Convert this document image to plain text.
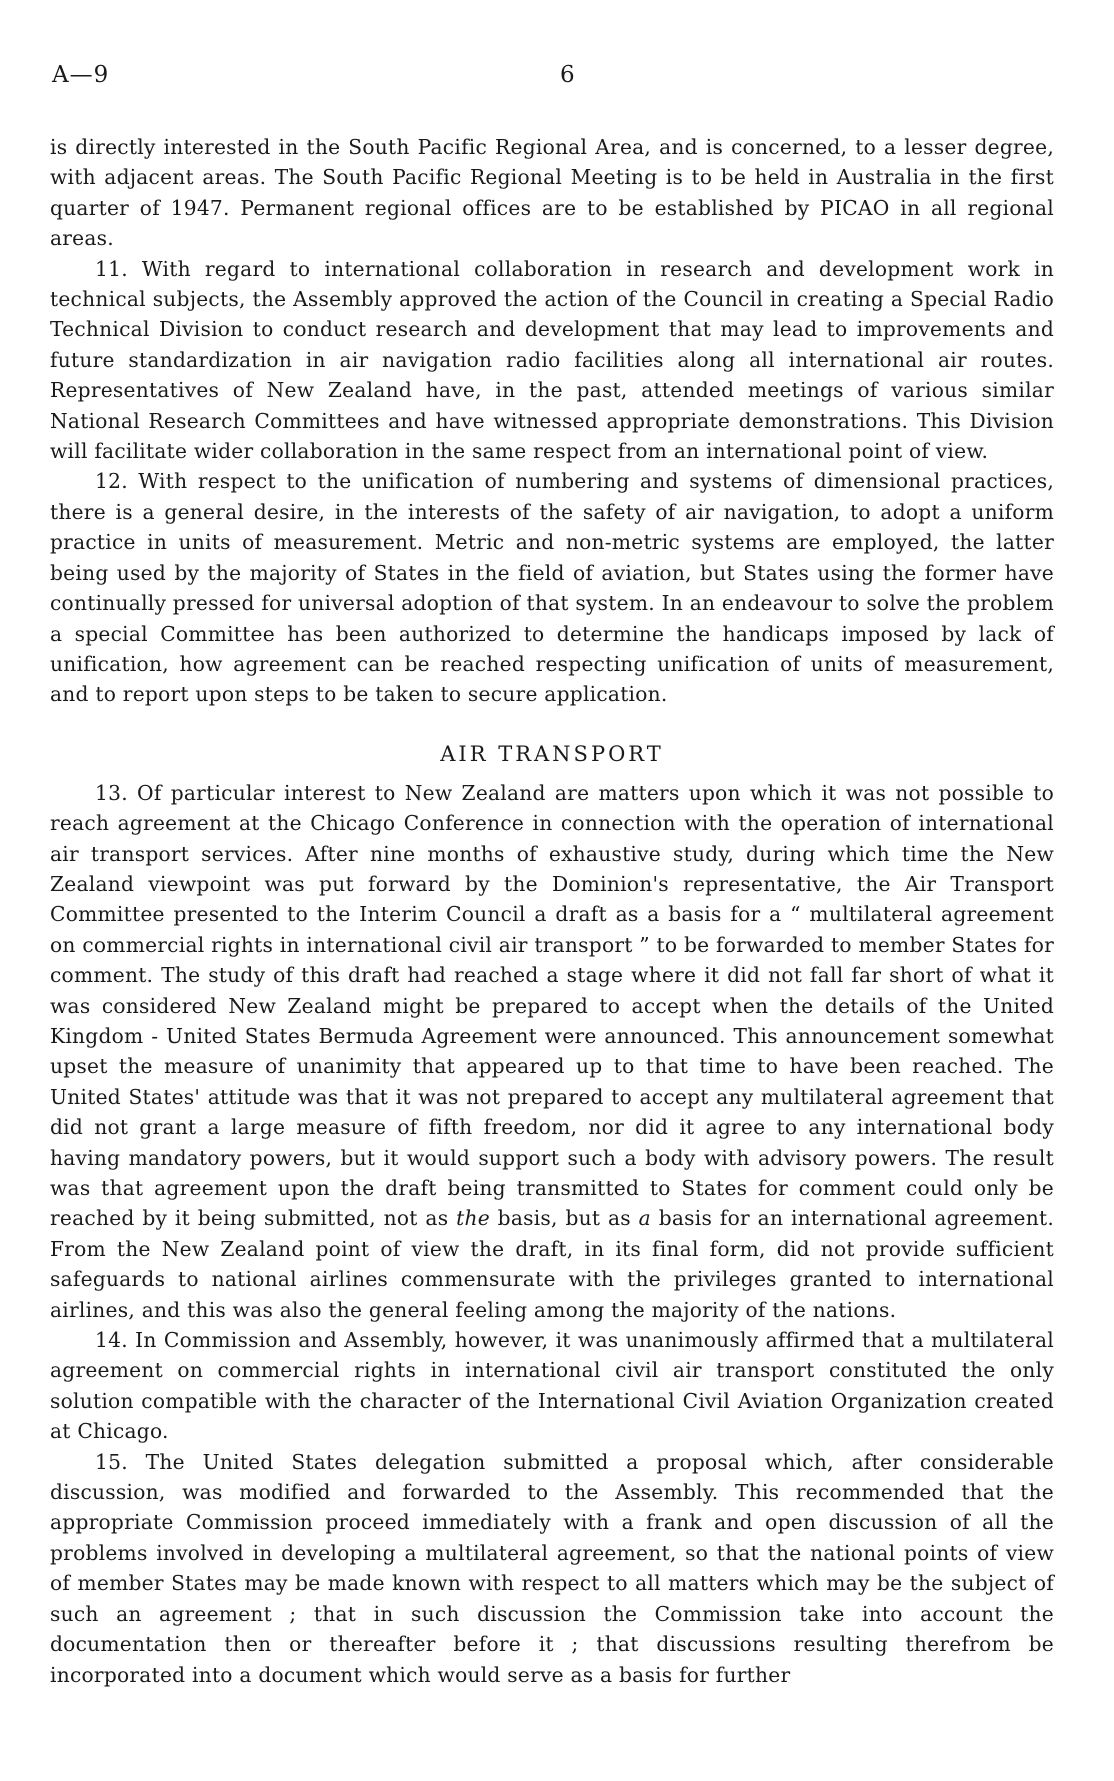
A—9	6

is directly interested in the South Pacific Regional Area, and is concerned, to a lesser degree, with adjacent areas. The South Pacific Regional Meeting is to be held in Australia in the first quarter of 1947. Permanent regional offices are to be established by PICAO in all regional areas.

11. With regard to international collaboration in research and development work in technical subjects, the Assembly approved the action of the Council in creating a Special Radio Technical Division to conduct research and development that may lead to improvements and future standardization in air navigation radio facilities along all international air routes. Representatives of New Zealand have, in the past, attended meetings of various similar National Research Committees and have witnessed appropriate demonstrations. This Division will facilitate wider collaboration in the same respect from an international point of view.

12. With respect to the unification of numbering and systems of dimensional practices, there is a general desire, in the interests of the safety of air navigation, to adopt a uniform practice in units of measurement. Metric and non-metric systems are employed, the latter being used by the majority of States in the field of aviation, but States using the former have continually pressed for universal adoption of that system. In an endeavour to solve the problem a special Committee has been authorized to determine the handicaps imposed by lack of unification, how agreement can be reached respecting unification of units of measurement, and to report upon steps to be taken to secure application.

AIR TRANSPORT

13. Of particular interest to New Zealand are matters upon which it was not possible to reach agreement at the Chicago Conference in connection with the operation of international air transport services. After nine months of exhaustive study, during which time the New Zealand viewpoint was put forward by the Dominion's representative, the Air Transport Committee presented to the Interim Council a draft as a basis for a “ multilateral agreement on commercial rights in international civil air transport ” to be forwarded to member States for comment. The study of this draft had reached a stage where it did not fall far short of what it was considered New Zealand might be prepared to accept when the details of the United Kingdom - United States Bermuda Agreement were announced. This announcement somewhat upset the measure of unanimity that appeared up to that time to have been reached. The United States' attitude was that it was not prepared to accept any multilateral agreement that did not grant a large measure of fifth freedom, nor did it agree to any international body having mandatory powers, but it would support such a body with advisory powers. The result was that agreement upon the draft being transmitted to States for comment could only be reached by it being submitted, not as the basis, but as a basis for an international agreement. From the New Zealand point of view the draft, in its final form, did not provide sufficient safeguards to national airlines commensurate with the privileges granted to international airlines, and this was also the general feeling among the majority of the nations.

14. In Commission and Assembly, however, it was unanimously affirmed that a multilateral agreement on commercial rights in international civil air transport constituted the only solution compatible with the character of the International Civil Aviation Organization created at Chicago.

15. The United States delegation submitted a proposal which, after considerable discussion, was modified and forwarded to the Assembly. This recommended that the appropriate Commission proceed immediately with a frank and open discussion of all the problems involved in developing a multilateral agreement, so that the national points of view of member States may be made known with respect to all matters which may be the subject of such an agreement ; that in such discussion the Commission take into account the documentation then or thereafter before it ; that discussions resulting therefrom be incorporated into a document which would serve as a basis for further
